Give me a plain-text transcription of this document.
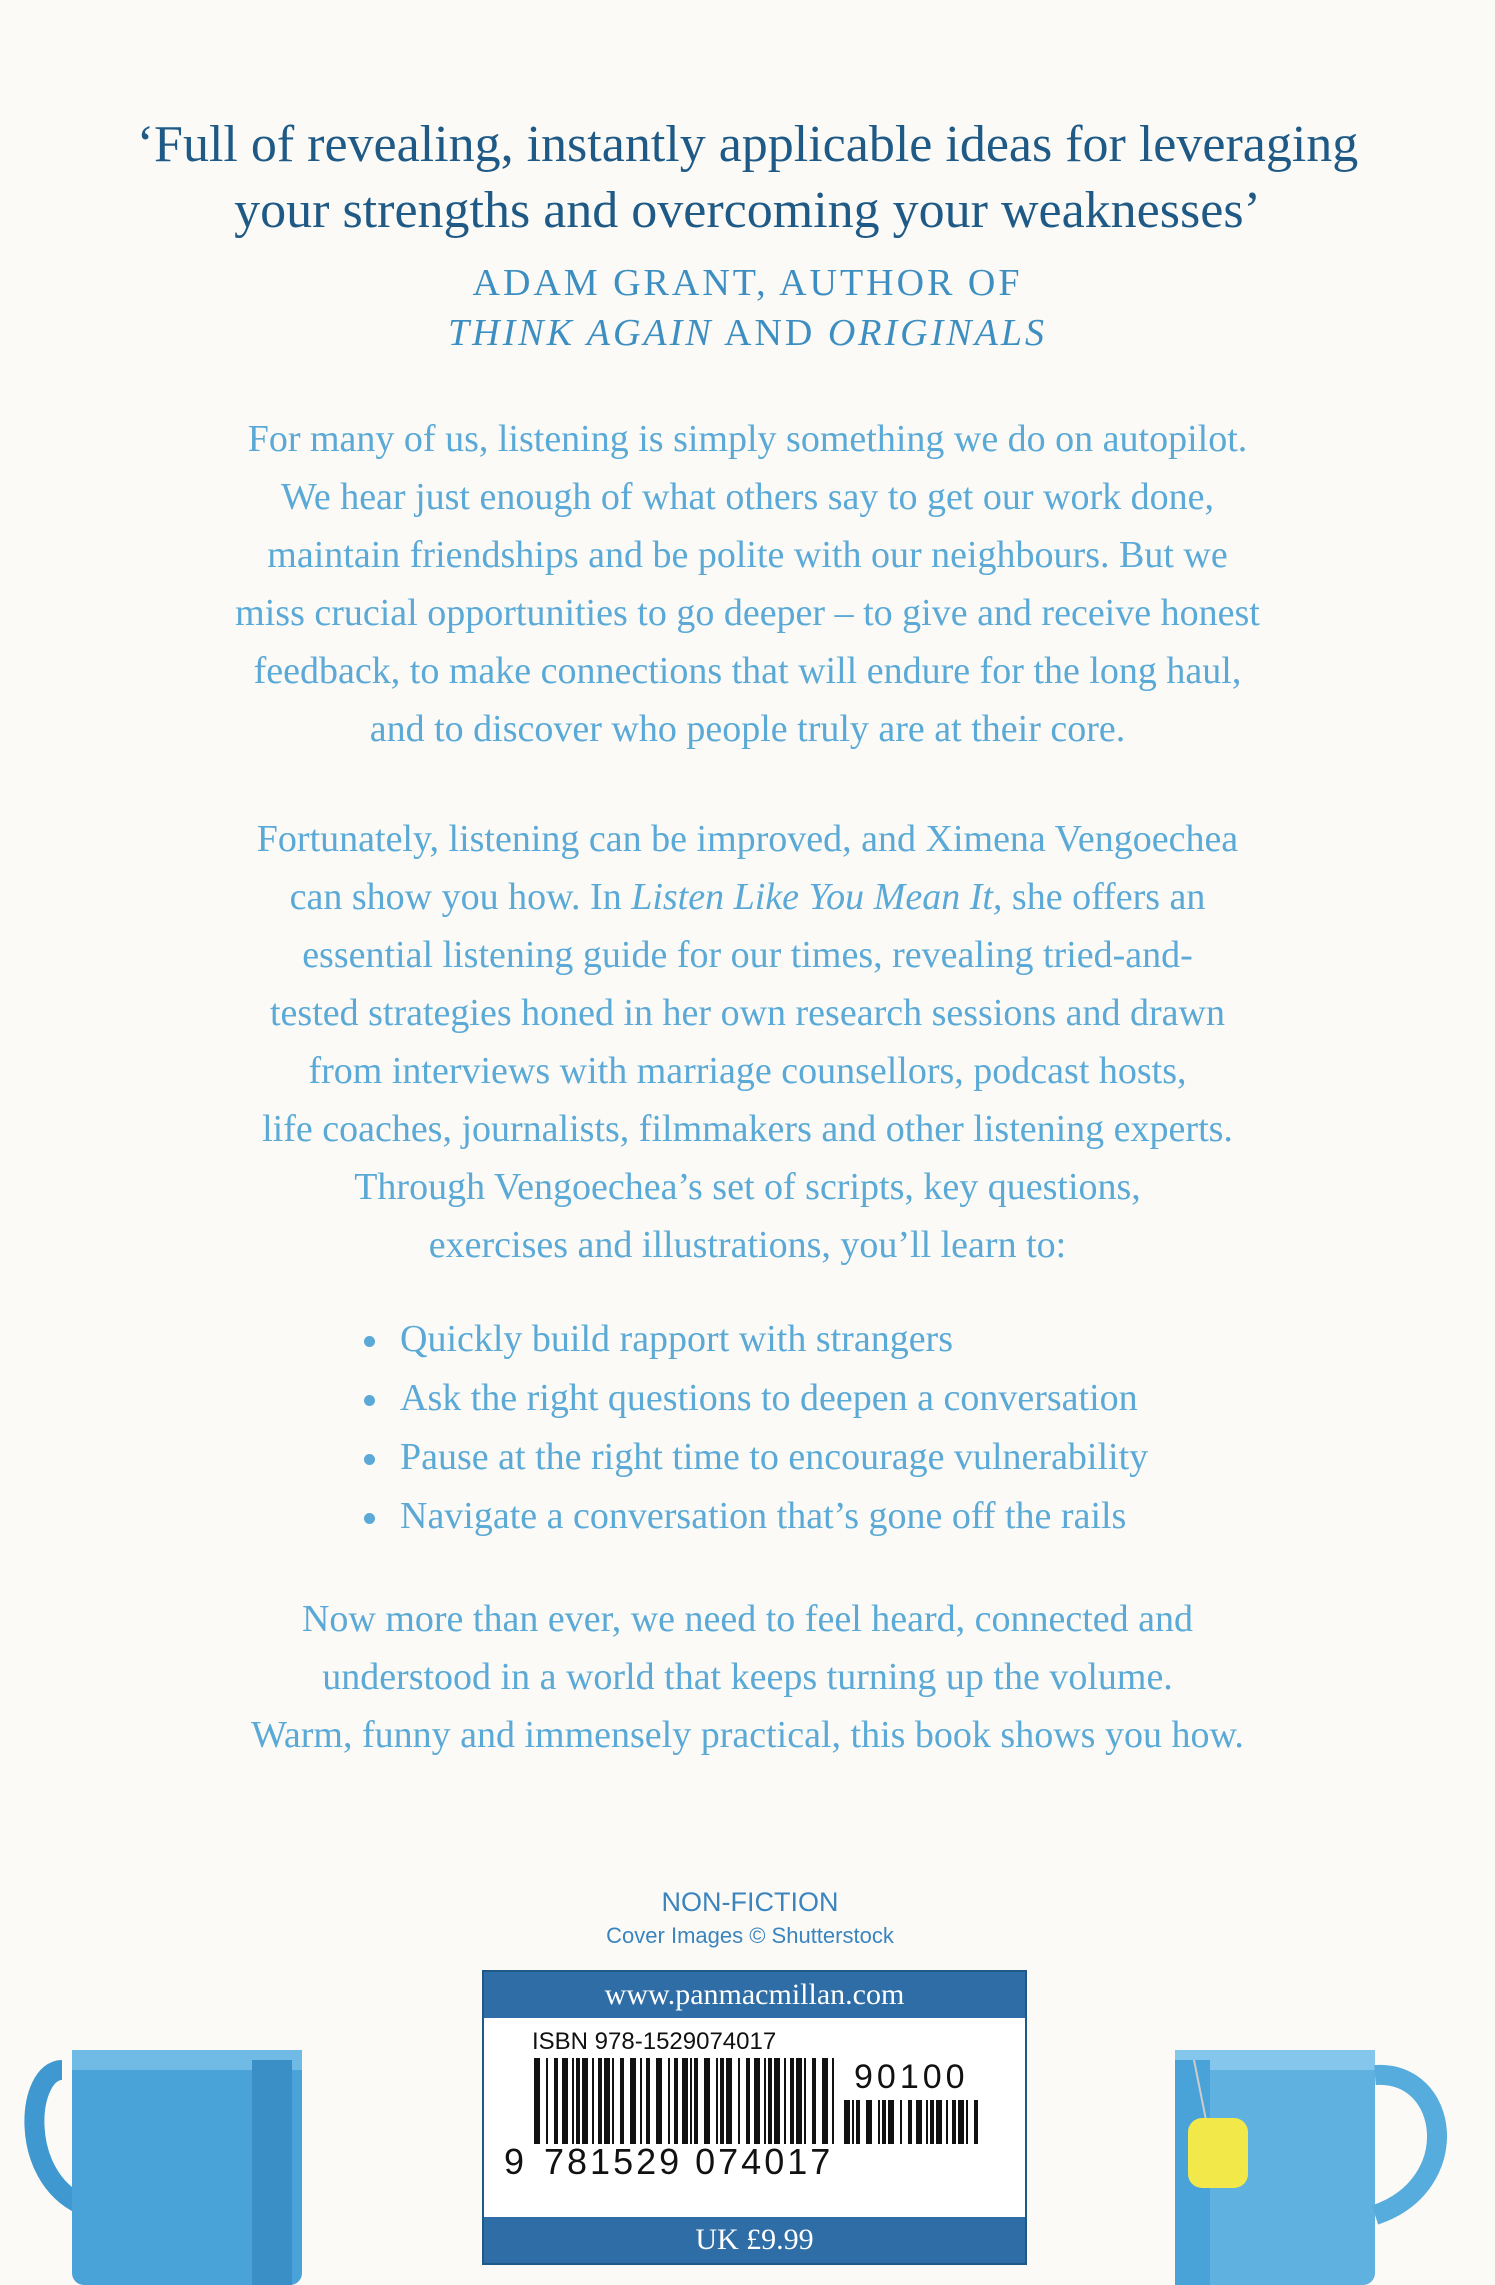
‘Full of revealing, instantly applicable ideas for leveraging
your strengths and overcoming your weaknesses’
ADAM GRANT, AUTHOR OF
THINK AGAIN AND ORIGINALS
For many of us, listening is simply something we do on autopilot.
We hear just enough of what others say to get our work done,
maintain friendships and be polite with our neighbours. But we
miss crucial opportunities to go deeper – to give and receive honest
feedback, to make connections that will endure for the long haul,
and to discover who people truly are at their core.
Fortunately, listening can be improved, and Ximena Vengoechea
can show you how. In Listen Like You Mean It, she offers an
essential listening guide for our times, revealing tried-and-
tested strategies honed in her own research sessions and drawn
from interviews with marriage counsellors, podcast hosts,
life coaches, journalists, filmmakers and other listening experts.
Through Vengoechea’s set of scripts, key questions,
exercises and illustrations, you’ll learn to:
Quickly build rapport with strangers
Ask the right questions to deepen a conversation
Pause at the right time to encourage vulnerability
Navigate a conversation that’s gone off the rails
Now more than ever, we need to feel heard, connected and
understood in a world that keeps turning up the volume.
Warm, funny and immensely practical, this book shows you how.
NON-FICTION
Cover Images © Shutterstock
www.panmacmillan.com
ISBN 978-1529074017
90100
9 781529 074017
UK £9.99
